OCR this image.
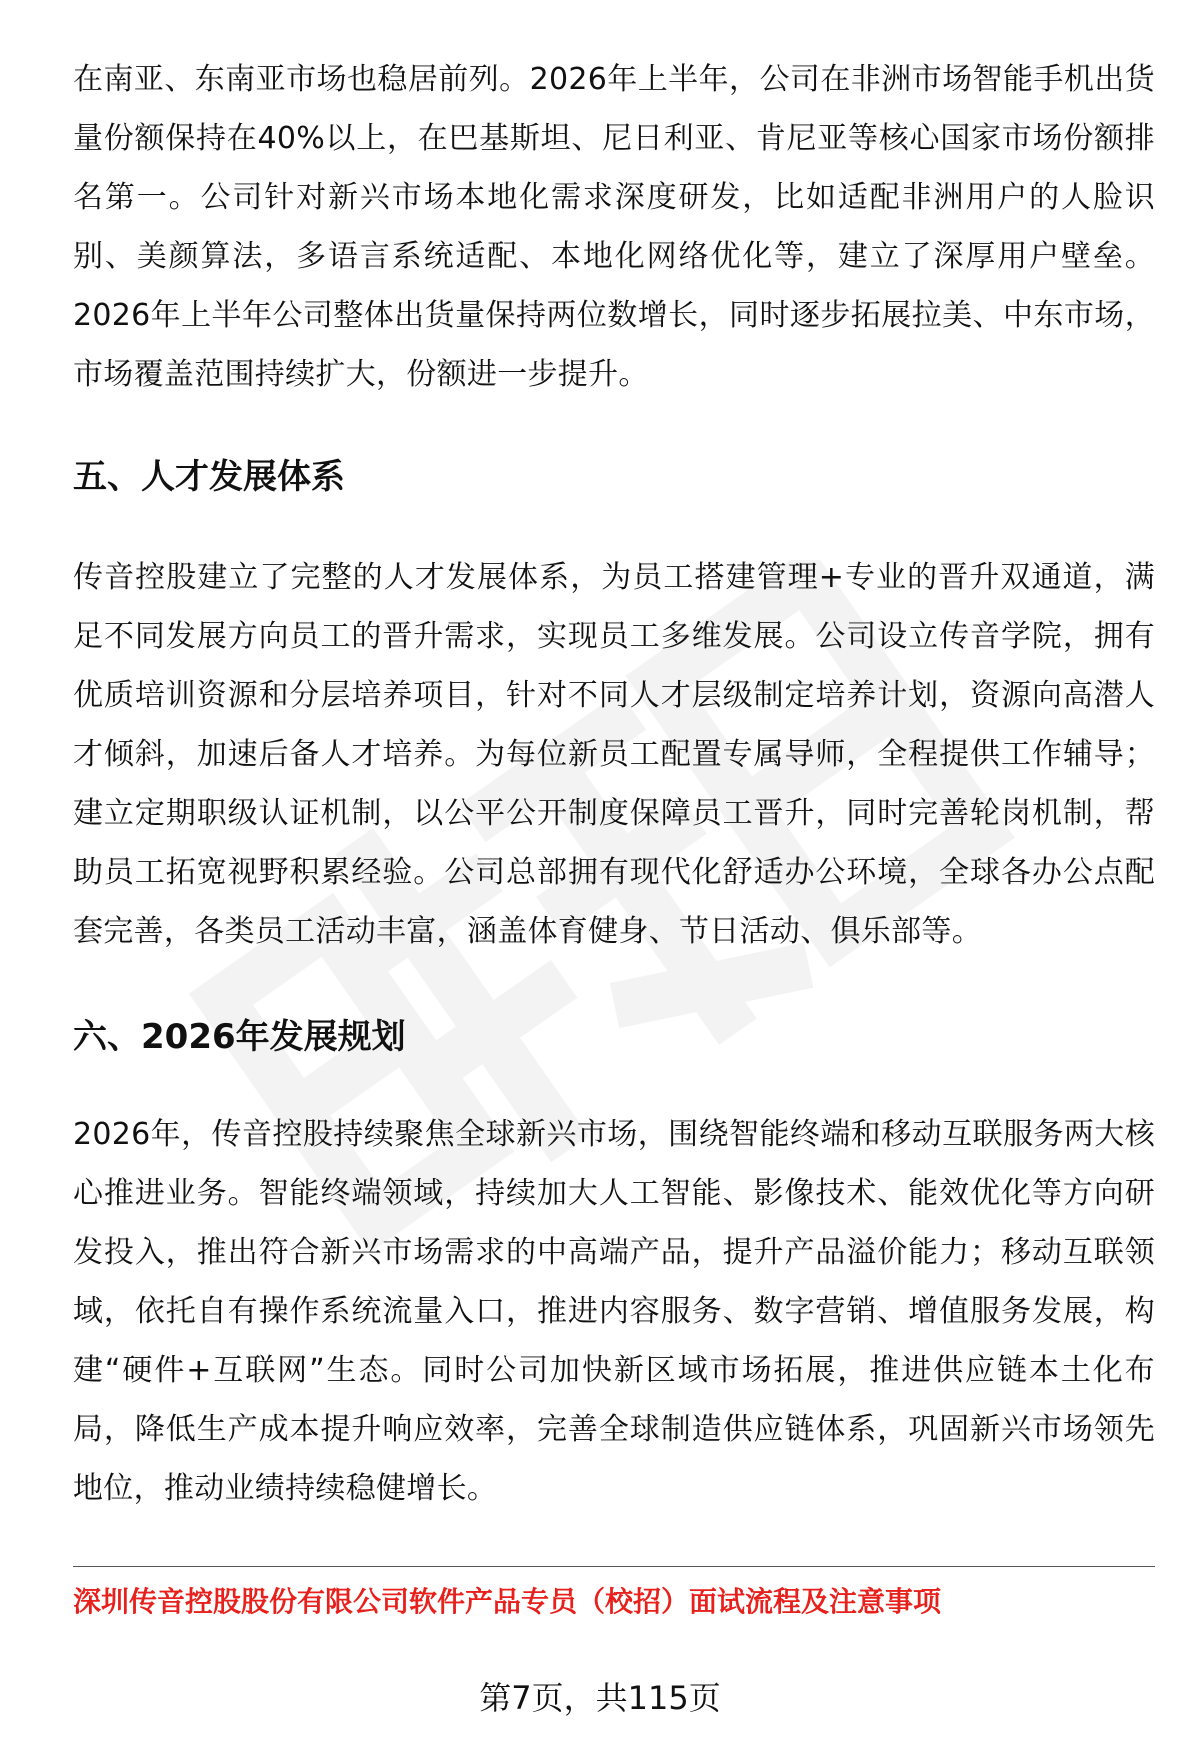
在南亚、东南亚市场也稳居前列。2026年上半年，公司在非洲市场智能手机出货量份额保持在40%以上，在巴基斯坦、尼日利亚、肯尼亚等核心国家市场份额排名第一。公司针对新兴市场本地化需求深度研发，比如适配非洲用户的人脸识别、美颜算法，多语言系统适配、本地化网络优化等，建立了深厚用户壁垒。2026年上半年公司整体出货量保持两位数增长，同时逐步拓展拉美、中东市场，市场覆盖范围持续扩大，份额进一步提升。

五、人才发展体系

传音控股建立了完整的人才发展体系，为员工搭建管理+专业的晋升双通道，满足不同发展方向员工的晋升需求，实现员工多维发展。公司设立传音学院，拥有优质培训资源和分层培养项目，针对不同人才层级制定培养计划，资源向高潜人才倾斜，加速后备人才培养。为每位新员工配置专属导师，全程提供工作辅导；建立定期职级认证机制，以公平公开制度保障员工晋升，同时完善轮岗机制，帮助员工拓宽视野积累经验。公司总部拥有现代化舒适办公环境，全球各办公点配套完善，各类员工活动丰富，涵盖体育健身、节日活动、俱乐部等。

六、2026年发展规划

2026年，传音控股持续聚焦全球新兴市场，围绕智能终端和移动互联服务两大核心推进业务。智能终端领域，持续加大人工智能、影像技术、能效优化等方向研发投入，推出符合新兴市场需求的中高端产品，提升产品溢价能力；移动互联领域，依托自有操作系统流量入口，推进内容服务、数字营销、增值服务发展，构建“硬件+互联网”生态。同时公司加快新区域市场拓展，推进供应链本土化布局，降低生产成本提升响应效率，完善全球制造供应链体系，巩固新兴市场领先地位，推动业绩持续稳健增长。

深圳传音控股股份有限公司软件产品专员（校招）面试流程及注意事项

第7页，共115页
